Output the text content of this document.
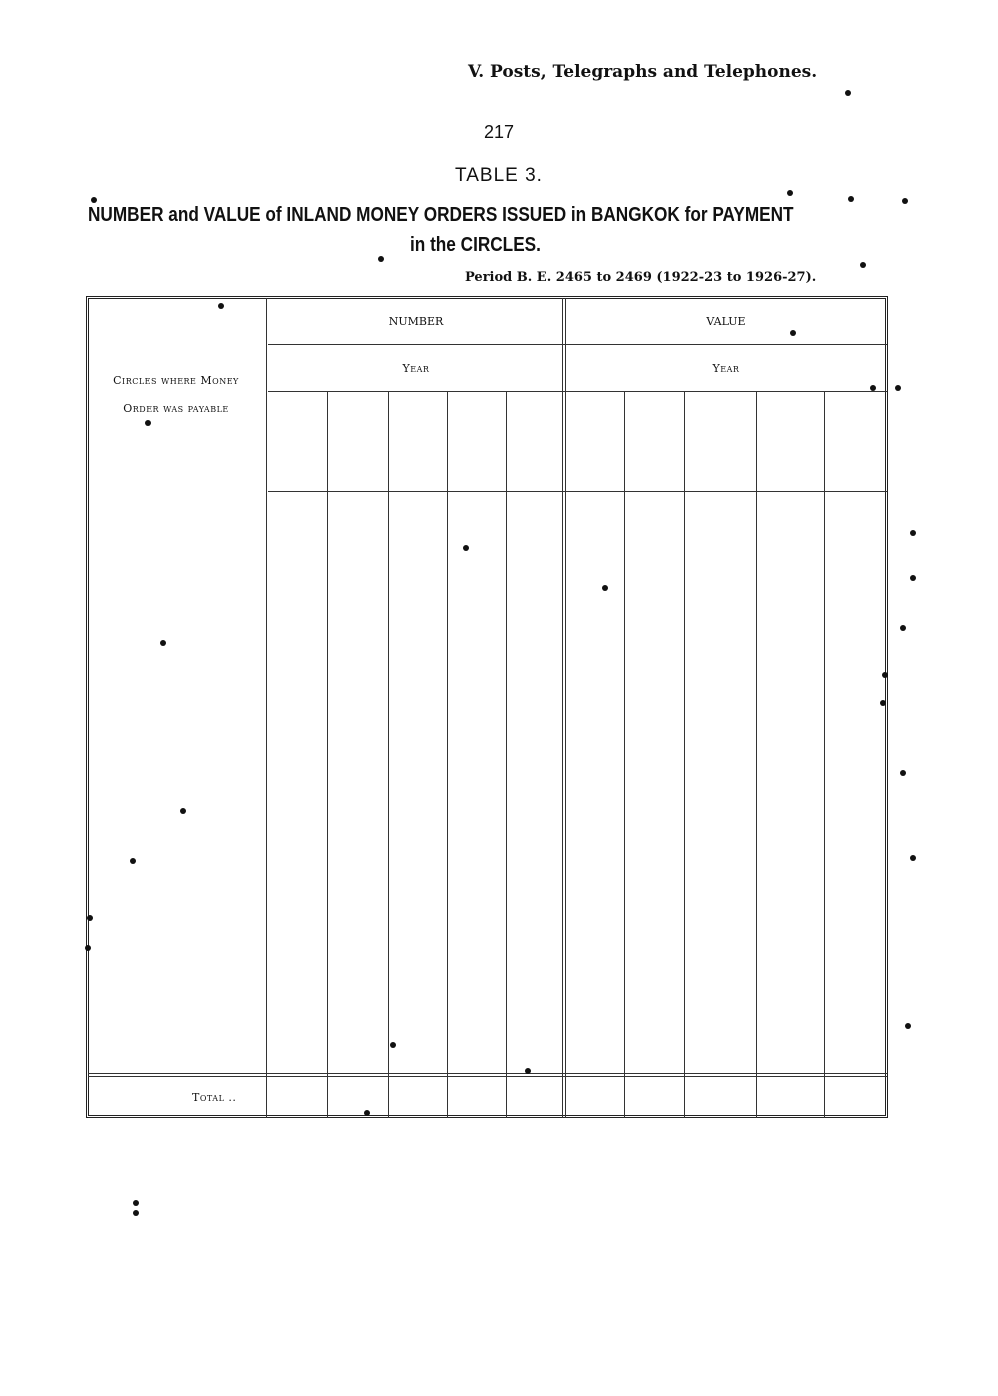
V. Posts, Telegraphs and Telephones.
217
TABLE 3.
NUMBER and VALUE of INLAND MONEY ORDERS ISSUED in BANGKOK for PAYMENT
in the CIRCLES.
Period B. E. 2465 to 2469 (1922-23 to 1926-27).
Circles where Money
Order was payable
NUMBER	VALUE
Year	Year
Total ..
